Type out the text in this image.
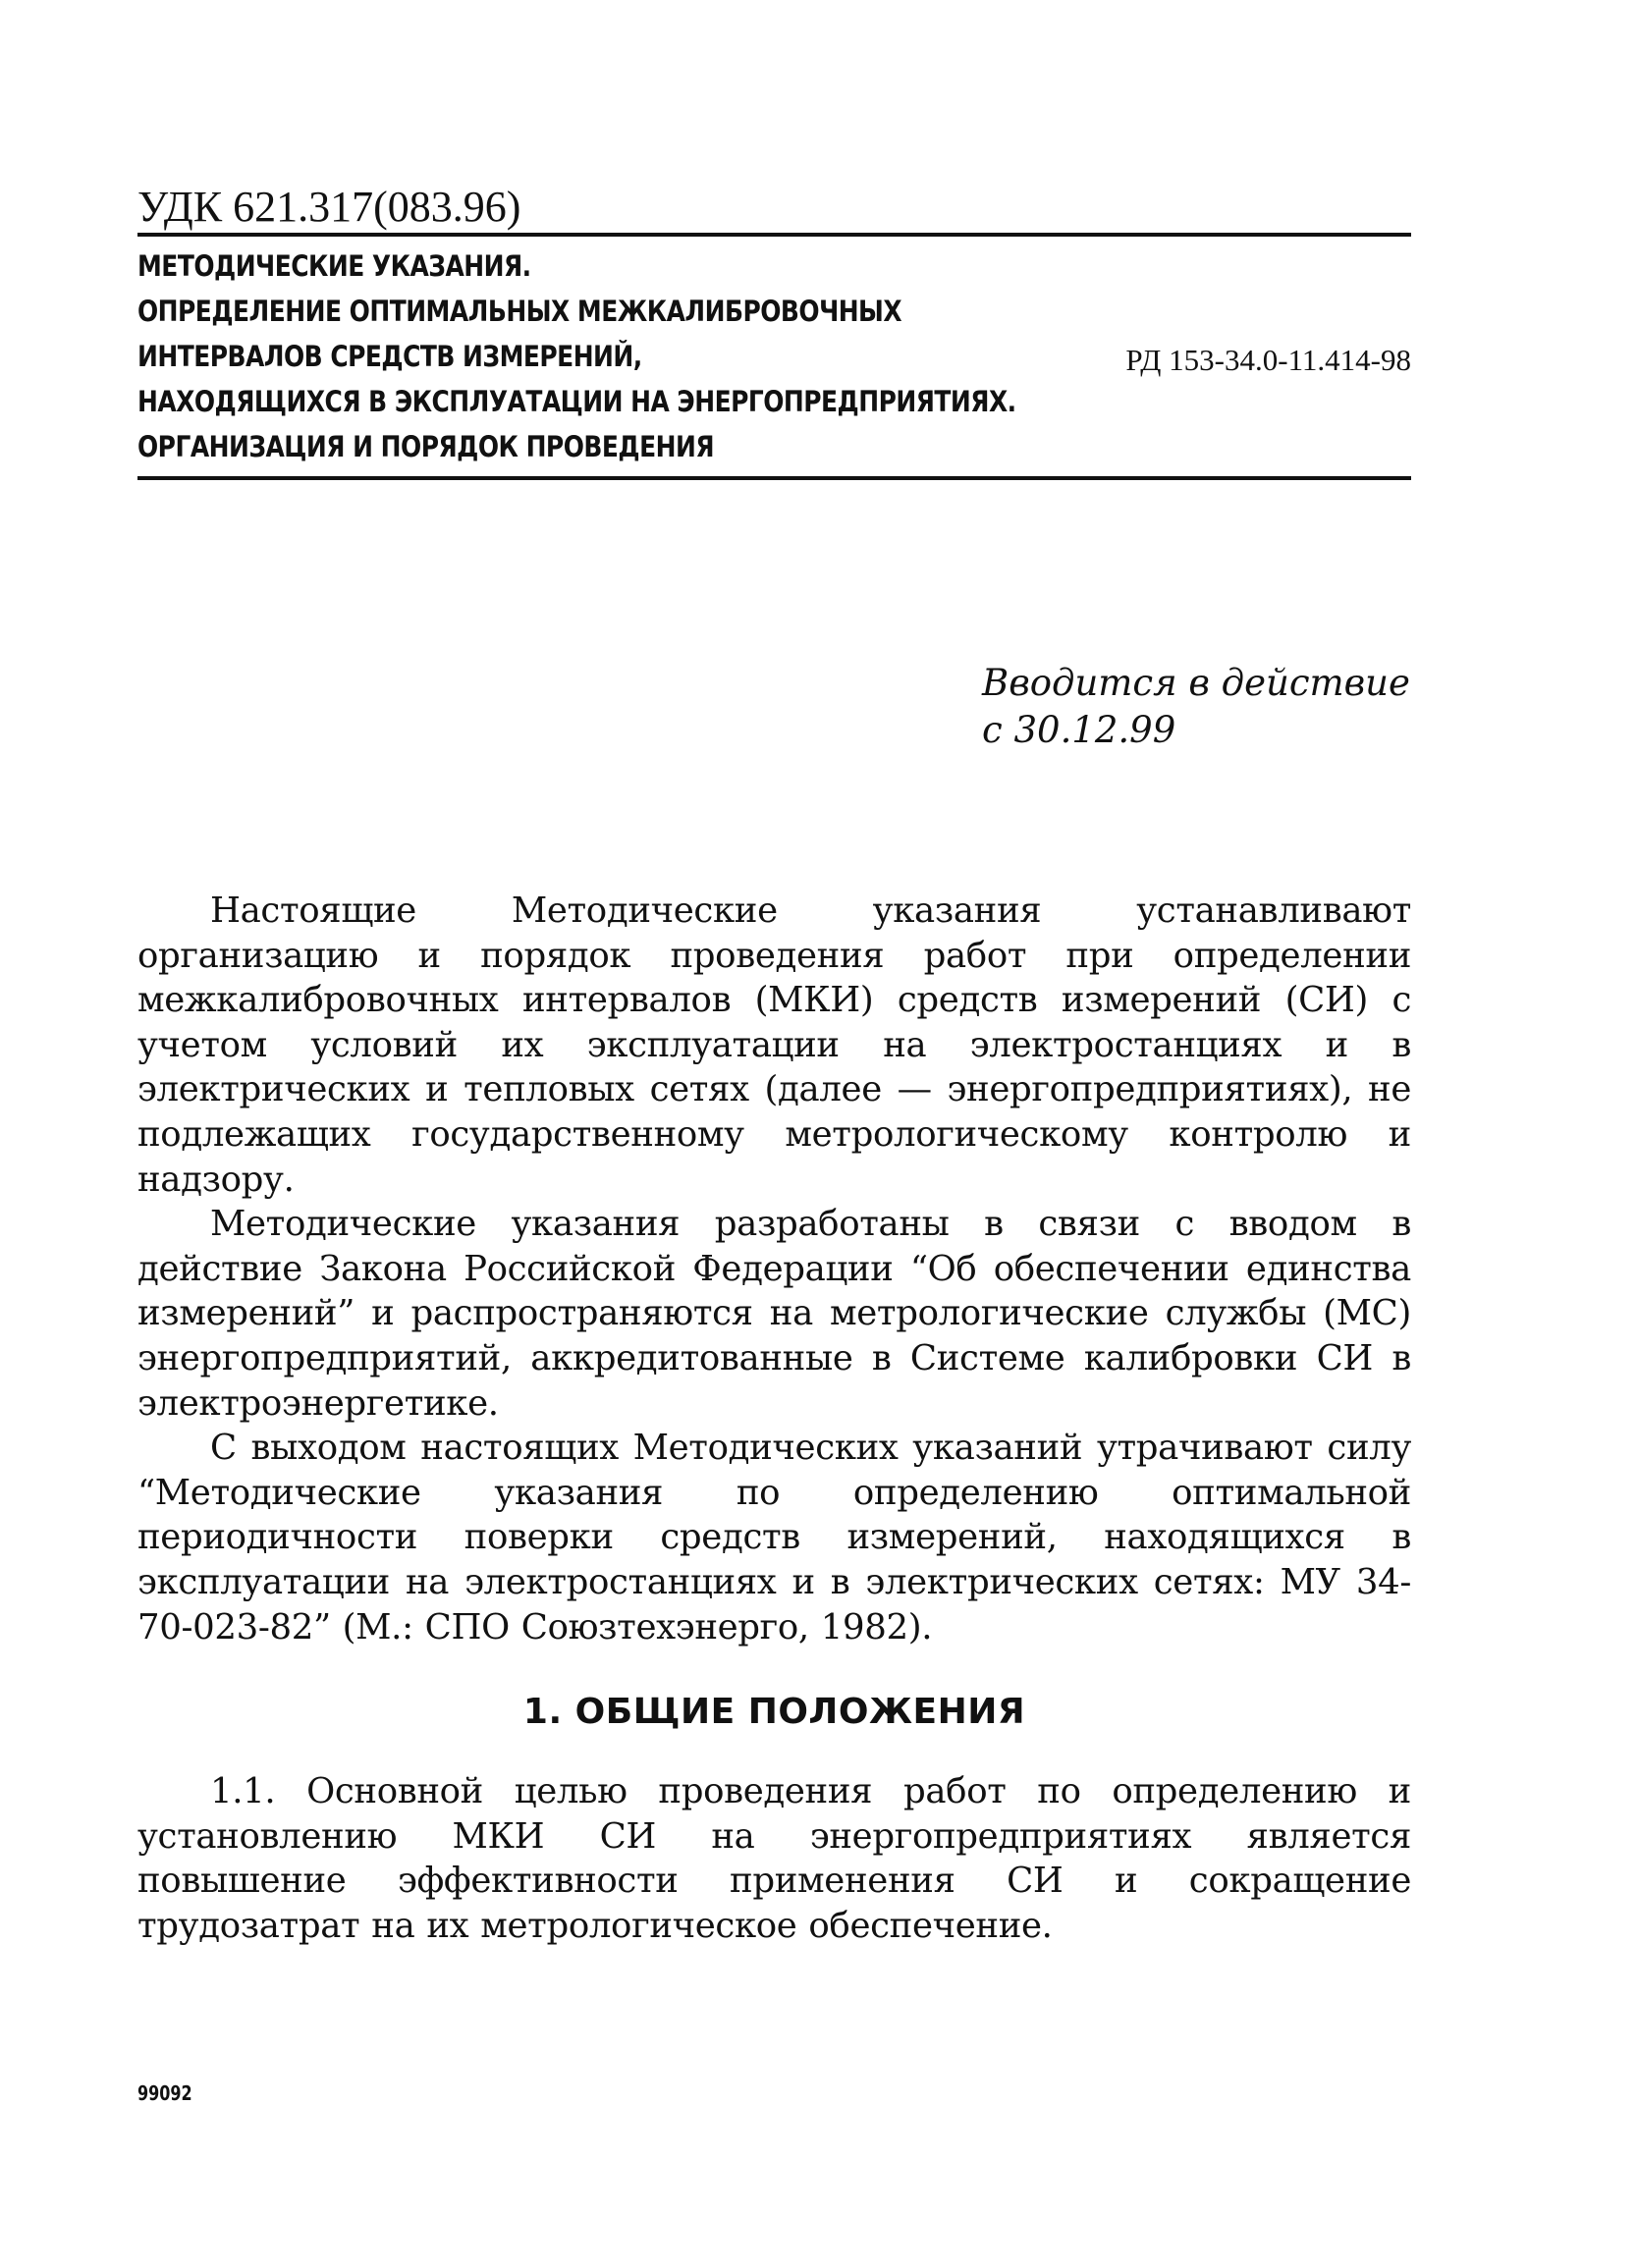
УДК 621.317(083.96)
МЕТОДИЧЕСКИЕ УКАЗАНИЯ.
ОПРЕДЕЛЕНИЕ ОПТИМАЛЬНЫХ МЕЖКАЛИБРОВОЧНЫХ
ИНТЕРВАЛОВ СРЕДСТВ ИЗМЕРЕНИЙ,
НАХОДЯЩИХСЯ В ЭКСПЛУАТАЦИИ НА ЭНЕРГОПРЕДПРИЯТИЯХ.
ОРГАНИЗАЦИЯ И ПОРЯДОК ПРОВЕДЕНИЯ
РД 153-34.0-11.414-98
Вводится в действие
с 30.12.99

Настоящие Методические указания устанавливают организацию и порядок проведения работ при определении межкалибровочных интервалов (МКИ) средств измерений (СИ) с учетом условий их эксплуатации на электростанциях и в электрических и тепловых сетях (далее — энергопредприятиях), не подлежащих государственному метрологическому контролю и надзору.

Методические указания разработаны в связи с вводом в действие Закона Российской Федерации “Об обеспечении единства измерений” и распространяются на метрологические службы (МС) энергопредприятий, аккредитованные в Системе калибровки СИ в электроэнергетике.

С выходом настоящих Методических указаний утрачивают силу “Методические указания по определению оптимальной периодичности поверки средств измерений, находящихся в эксплуатации на электростанциях и в электрических сетях: МУ 34-70-023-82” (М.: СПО Союзтехэнерго, 1982).

1. ОБЩИЕ ПОЛОЖЕНИЯ

1.1. Основной целью проведения работ по определению и установлению МКИ СИ на энергопредприятиях является повышение эффективности применения СИ и сокращение трудозатрат на их метрологическое обеспечение.

99092
